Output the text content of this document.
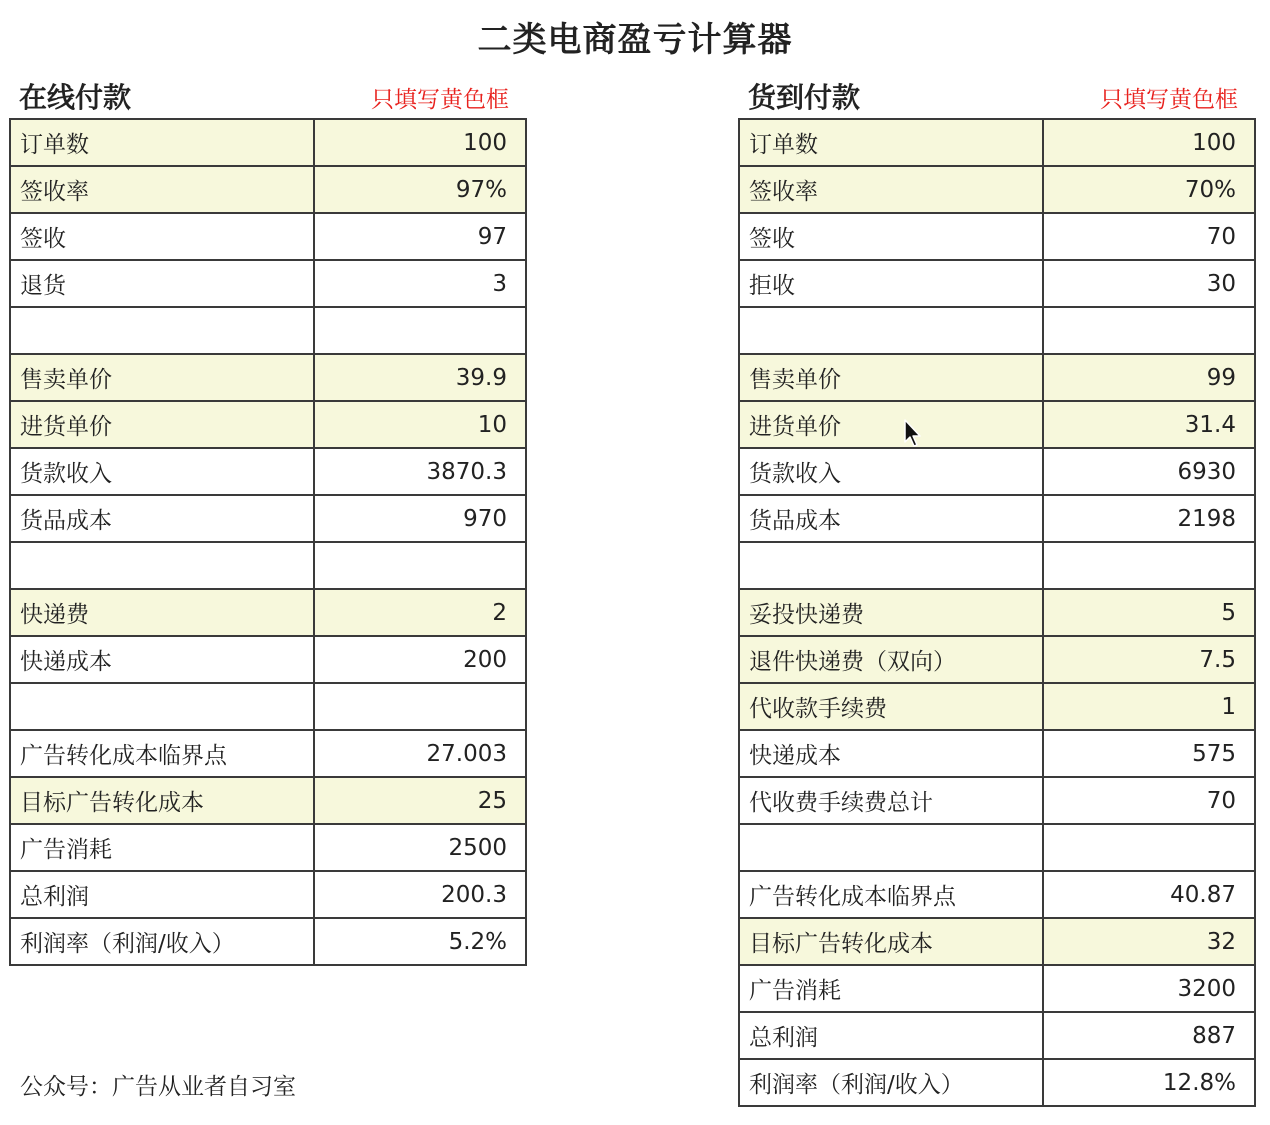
二类电商盈亏计算器
在线付款	只填写黄色框
订单数	100
签收率	97%
签收	97
退货	3

售卖单价	39.9
进货单价	10
货款收入	3870.3
货品成本	970

快递费	2
快递成本	200

广告转化成本临界点	27.003
目标广告转化成本	25
广告消耗	2500
总利润	200.3
利润率（利润/收入）	5.2%
货到付款	只填写黄色框
订单数	100
签收率	70%
签收	70
拒收	30

售卖单价	99
进货单价	31.4
货款收入	6930
货品成本	2198

妥投快递费	5
退件快递费（双向）	7.5
代收款手续费	1
快递成本	575
代收费手续费总计	70

广告转化成本临界点	40.87
目标广告转化成本	32
广告消耗	3200
总利润	887
利润率（利润/收入）	12.8%
公众号：广告从业者自习室
